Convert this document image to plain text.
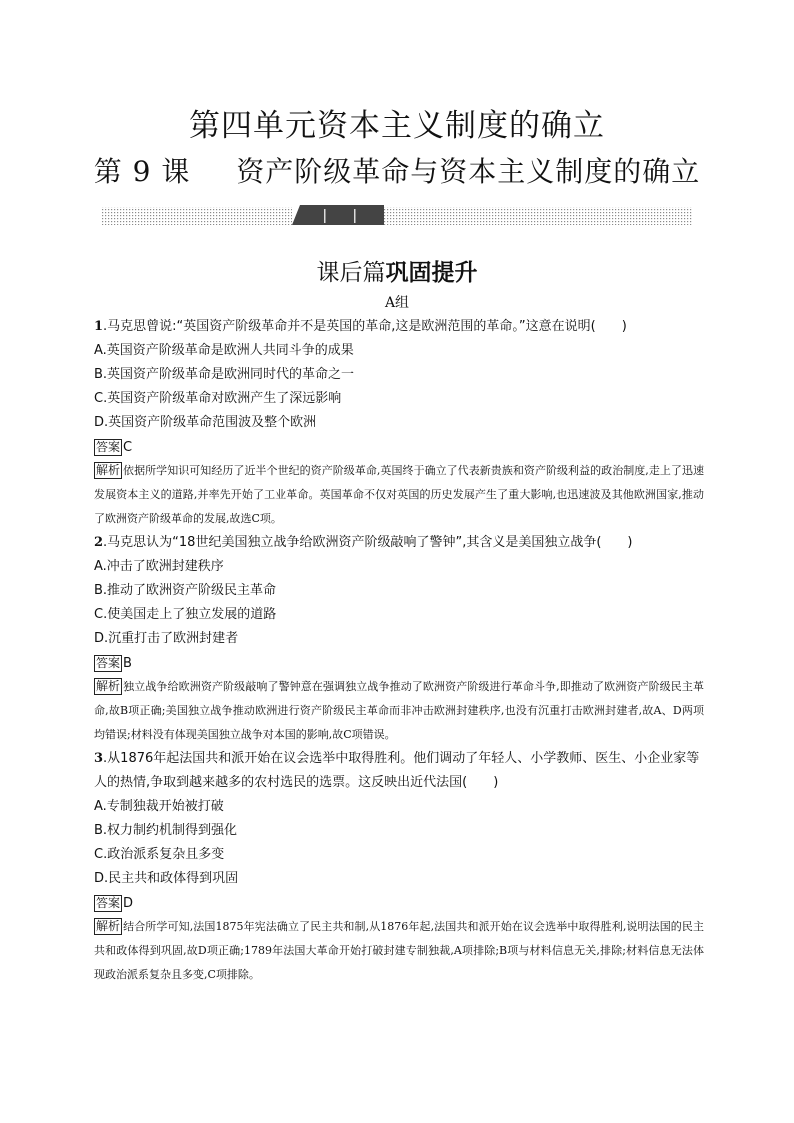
第四单元资本主义制度的确立
第 9 课 资产阶级革命与资本主义制度的确立
课后篇巩固提升
A组
1.马克思曾说:“英国资产阶级革命并不是英国的革命,这是欧洲范围的革命。”这意在说明(　　)
A.英国资产阶级革命是欧洲人共同斗争的成果
B.英国资产阶级革命是欧洲同时代的革命之一
C.英国资产阶级革命对欧洲产生了深远影响
D.英国资产阶级革命范围波及整个欧洲
答案 C
解析 依据所学知识可知经历了近半个世纪的资产阶级革命,英国终于确立了代表新贵族和资产阶级利益的政治制度,走上了迅速发展资本主义的道路,并率先开始了工业革命。英国革命不仅对英国的历史发展产生了重大影响,也迅速波及其他欧洲国家,推动了欧洲资产阶级革命的发展,故选C项。
2.马克思认为“18世纪美国独立战争给欧洲资产阶级敲响了警钟”,其含义是美国独立战争(　　)
A.冲击了欧洲封建秩序
B.推动了欧洲资产阶级民主革命
C.使美国走上了独立发展的道路
D.沉重打击了欧洲封建者
答案 B
解析 独立战争给欧洲资产阶级敲响了警钟意在强调独立战争推动了欧洲资产阶级进行革命斗争,即推动了欧洲资产阶级民主革命,故B项正确;美国独立战争推动欧洲进行资产阶级民主革命而非冲击欧洲封建秩序,也没有沉重打击欧洲封建者,故A、D两项均错误;材料没有体现美国独立战争对本国的影响,故C项错误。
3.从1876年起法国共和派开始在议会选举中取得胜利。他们调动了年轻人、小学教师、医生、小企业家等人的热情,争取到越来越多的农村选民的选票。这反映出近代法国(　　)
A.专制独裁开始被打破
B.权力制约机制得到强化
C.政治派系复杂且多变
D.民主共和政体得到巩固
答案 D
解析 结合所学可知,法国1875年宪法确立了民主共和制,从1876年起,法国共和派开始在议会选举中取得胜利,说明法国的民主共和政体得到巩固,故D项正确;1789年法国大革命开始打破封建专制独裁,A项排除;B项与材料信息无关,排除;材料信息无法体现政治派系复杂且多变,C项排除。
